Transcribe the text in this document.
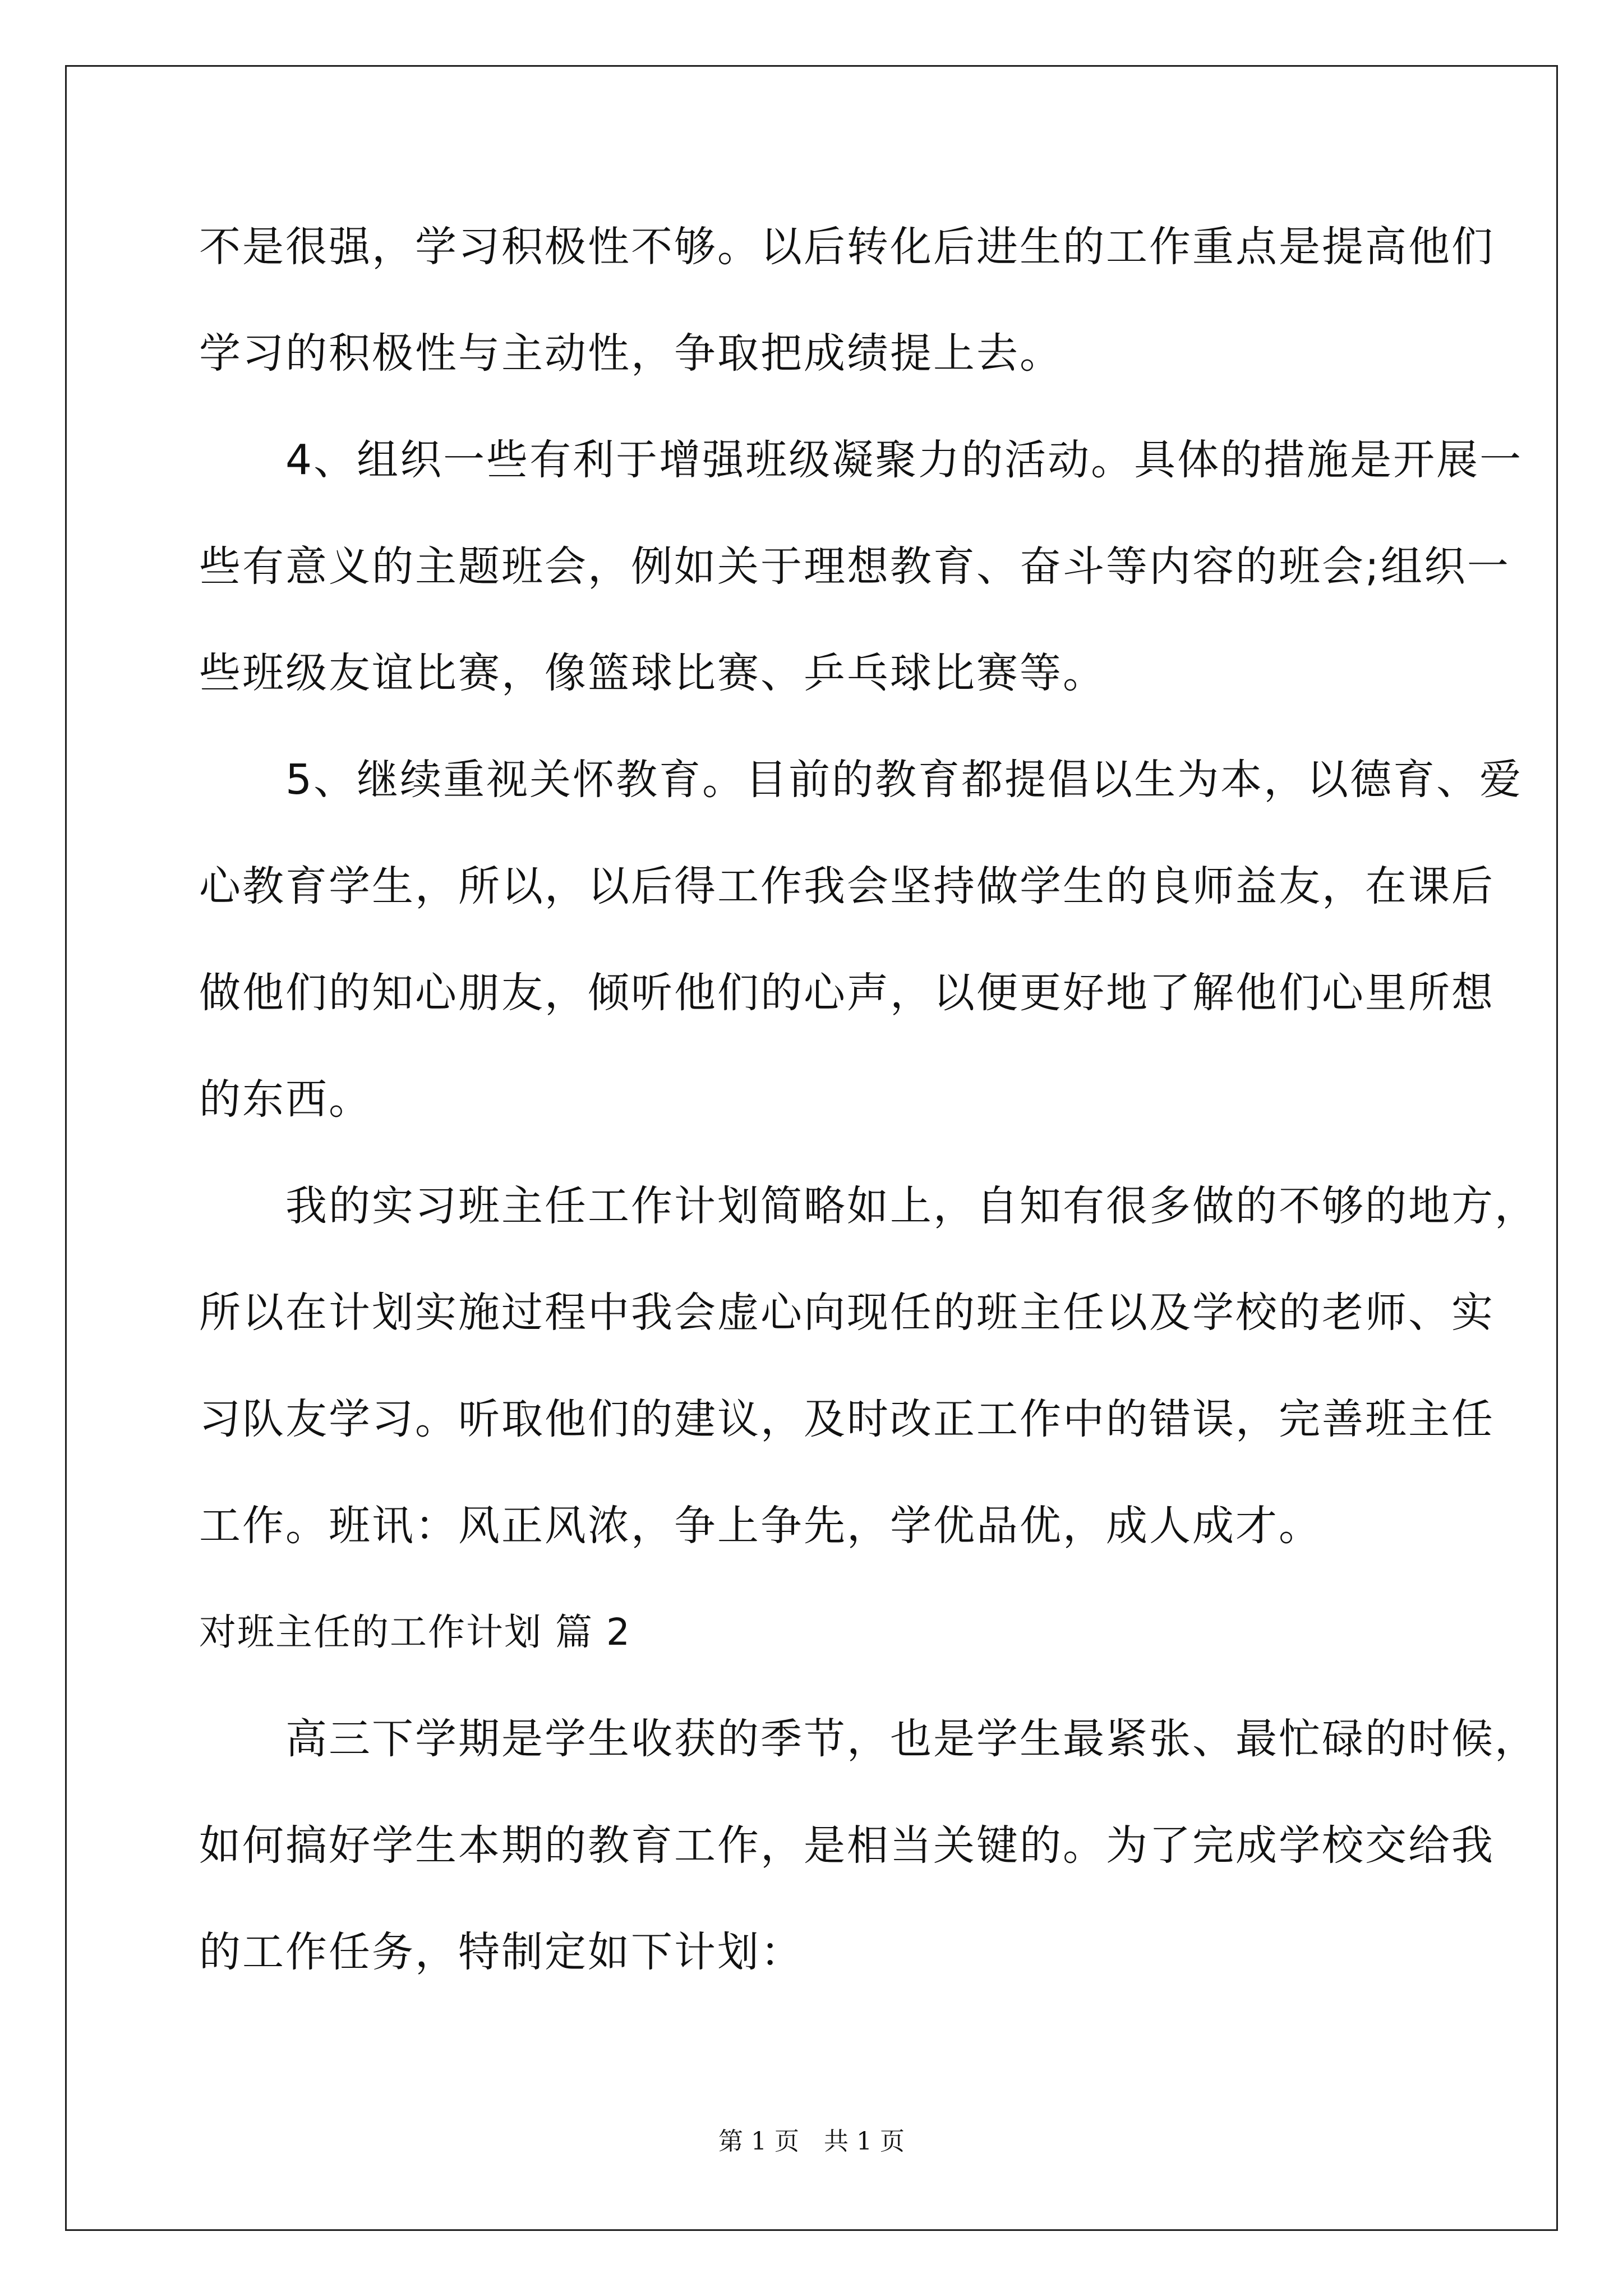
不是很强，学习积极性不够。以后转化后进生的工作重点是提高他们
学习的积极性与主动性，争取把成绩提上去。
　　4、组织一些有利于增强班级凝聚力的活动。具体的措施是开展一
些有意义的主题班会，例如关于理想教育、奋斗等内容的班会;组织一
些班级友谊比赛，像篮球比赛、乒乓球比赛等。
　　5、继续重视关怀教育。目前的教育都提倡以生为本，以德育、爱
心教育学生，所以，以后得工作我会坚持做学生的良师益友，在课后
做他们的知心朋友，倾听他们的心声，以便更好地了解他们心里所想
的东西。
　　我的实习班主任工作计划简略如上，自知有很多做的不够的地方，
所以在计划实施过程中我会虚心向现任的班主任以及学校的老师、实
习队友学习。听取他们的建议，及时改正工作中的错误，完善班主任
工作。班讯：风正风浓，争上争先，学优品优，成人成才。
对班主任的工作计划 篇 2
　　高三下学期是学生收获的季节，也是学生最紧张、最忙碌的时候，
如何搞好学生本期的教育工作，是相当关键的。为了完成学校交给我
的工作任务，特制定如下计划：
第 1 页　共 1 页
